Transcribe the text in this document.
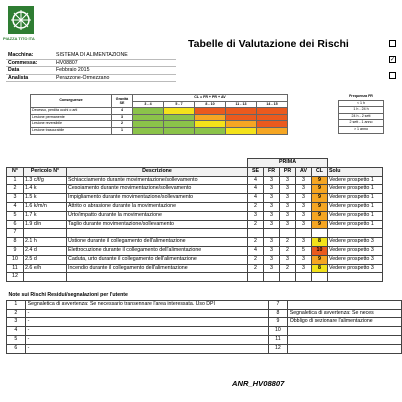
PIAZZA TITO ITA
Macchina:	SISTEMA DI ALIMENTAZIONE
Commessa:	HV08807
Data	Febbraio 2015
Analista	Perazzone-Ormezzano
Tabelle di Valutazione dei Rischi
✓
Conseguenze	Gravità SE	CL = FR + PR + AV				
		3 - 4	5 - 7	8 - 10	11 - 13	14 - 15
Decesso, perdita occhi o arti	4					
Lesione permanente	3					
Lesione reversibile	2					
Lesione trascurabile	1					
Frequenza FR
< 1 h
1 h - 24 h
24 h - 2 sett
2 sett - 1 anno
> 1 anno
			PRIMA					
N°	Pericolo N°	Descrizione	SE	FR	PR	AV	CL	Solu
1	1.3 c/f/g	Schiacciamento durante movimentazione/sollevamento	4	3	3	3	9	Vedere prospetto 1
2	1.4 k	Cesoiamento durante movimentazione/sollevamento	4	3	3	3	9	Vedere prospetto 1
3	1.5 k	Impigliamento durante movimentazione/sollevamento	4	3	3	3	9	Vedere prospetto 1
4	1.6 k/m/n	Attrito o abrasione durante la movimentazione	2	3	3	3	9	Vedere prospetto 1
5	1.7 k	Urto/impatto durante la movimentazione	3	3	3	3	9	Vedere prospetto 1
6	1.9 d/n	Taglio durante movimentazione/sollevamento	2	3	3	3	9	Vedere prospetto 1

7								
8	2.1 h	Ustione durante il collegamento dell'alimentazione	2	3	2	3	8	Vedere prospetto 3
9	2.4 d	Elettrocuzione durante il collegamento dell'alimentazione	4	3	2	5	10	Vedere prospetto 3
10	2.5 d	Caduta, urto durante il collegamento dell'alimentazione	2	3	3	3	9	Vedere prospetto 3
11	2.6 e/h	Incendio durante il collegamento dell'alimentazione	2	3	2	3	8	Vedere prospetto 3
12								
Note sui Rischi Residui/segnalazioni per l'utente			
1	Segnaletica di avvertenza: Se necessario transennare l'area interessata. Uso DPI	7	
2	-	8	Segnaletica di avvertenza: Se neces
3	-	9	Obbligo di sezionare l'alimentazione
4	-	10	
5	-	11	
6	-	12	
ANR_HV08807
